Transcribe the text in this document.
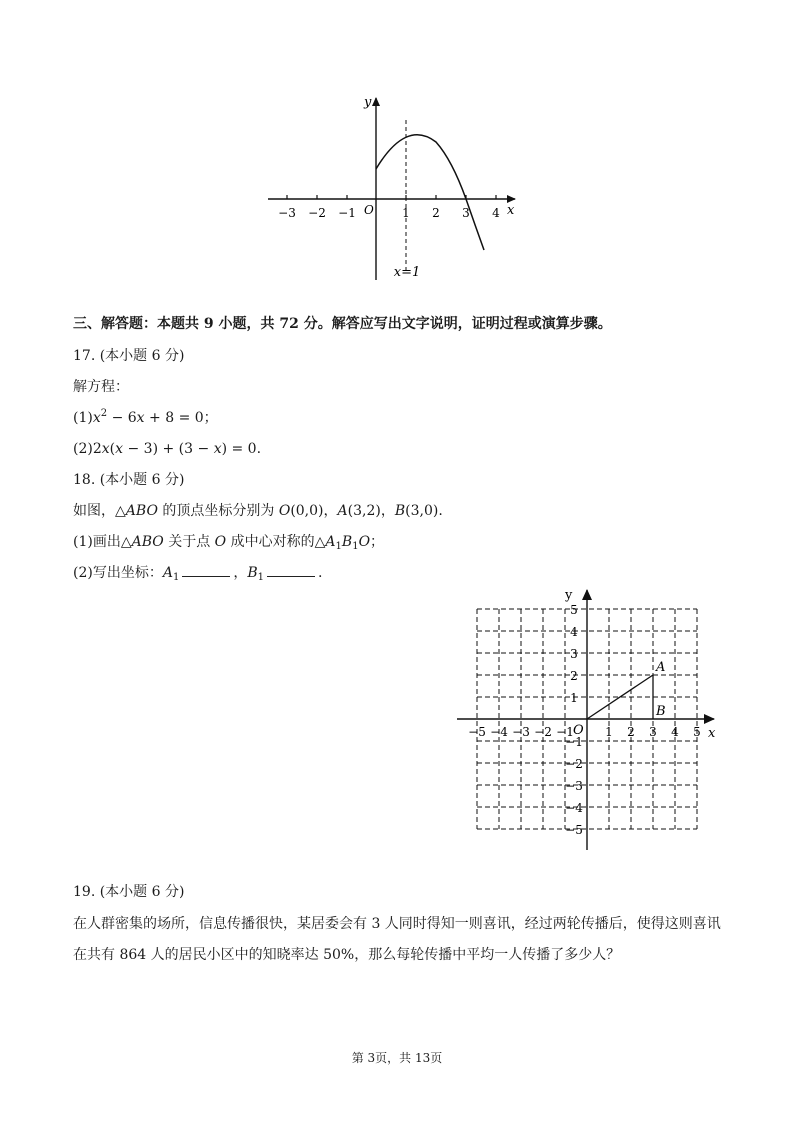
y
x
O
−3 −2 −1	1 2 3 4
x=1
三、解答题：本题共 9 小题，共 72 分。解答应写出文字说明，证明过程或演算步骤。
17. (本小题 6 分)
解方程：
$(1)x^2 - 6x + 8 = 0$；
(2)2x(x − 3) + (3 − x) = 0.
18. (本小题 6 分)
如图，△ABO 的顶点坐标分别为 O(0,0)，A(3,2)，B(3,0).
(1)画出△ABO 关于点 O 成中心对称的$\triangle A_1B_1O$；
(2)写出坐标：$A_1$	，$B_1$	.
−5 −4 −3 −2 −1	1 2 3 4 5
1
2
3
4
5
−1
−2
−3
−4
−5
y
x
O
A
B
19. (本小题 6 分)
在人群密集的场所，信息传播很快，某居委会有 3 人同时得知一则喜讯，经过两轮传播后，使得这则喜讯
在共有 864 人的居民小区中的知晓率达 50%，那么每轮传播中平均一人传播了多少人？
第 3页，共 13页
